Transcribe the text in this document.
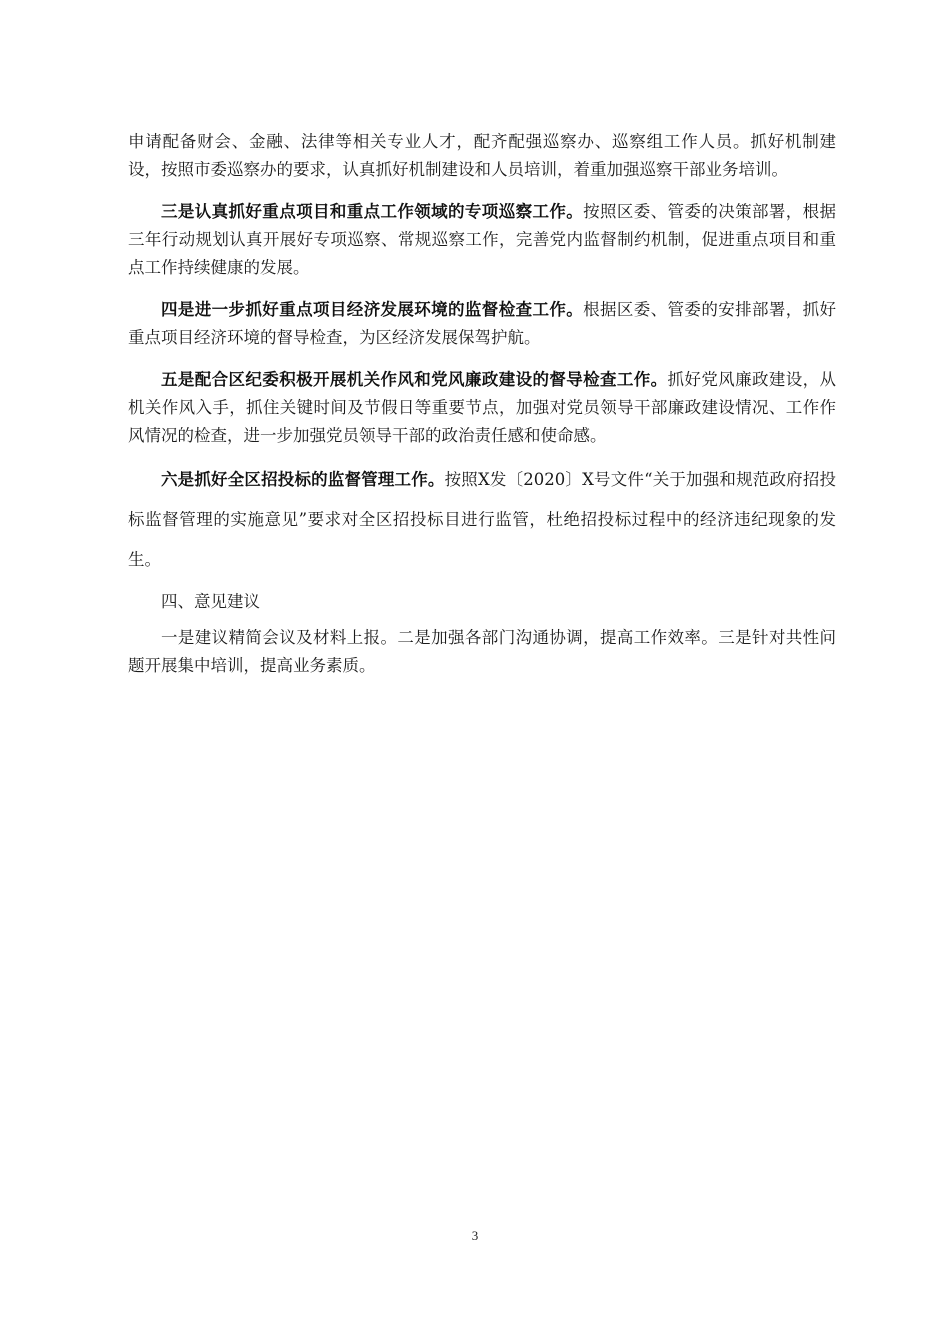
申请配备财会、金融、法律等相关专业人才，配齐配强巡察办、巡察组工作人员。抓好机制建设，按照市委巡察办的要求，认真抓好机制建设和人员培训，着重加强巡察干部业务培训。

三是认真抓好重点项目和重点工作领域的专项巡察工作。按照区委、管委的决策部署，根据三年行动规划认真开展好专项巡察、常规巡察工作，完善党内监督制约机制，促进重点项目和重点工作持续健康的发展。

四是进一步抓好重点项目经济发展环境的监督检查工作。根据区委、管委的安排部署，抓好重点项目经济环境的督导检查，为区经济发展保驾护航。

五是配合区纪委积极开展机关作风和党风廉政建设的督导检查工作。抓好党风廉政建设，从机关作风入手，抓住关键时间及节假日等重要节点，加强对党员领导干部廉政建设情况、工作作风情况的检查，进一步加强党员领导干部的政治责任感和使命感。

六是抓好全区招投标的监督管理工作。按照X发〔2020〕X号文件“关于加强和规范政府招投标监督管理的实施意见”要求对全区招投标目进行监管，杜绝招投标过程中的经济违纪现象的发生。

四、意见建议

一是建议精简会议及材料上报。二是加强各部门沟通协调，提高工作效率。三是针对共性问题开展集中培训，提高业务素质。

3
